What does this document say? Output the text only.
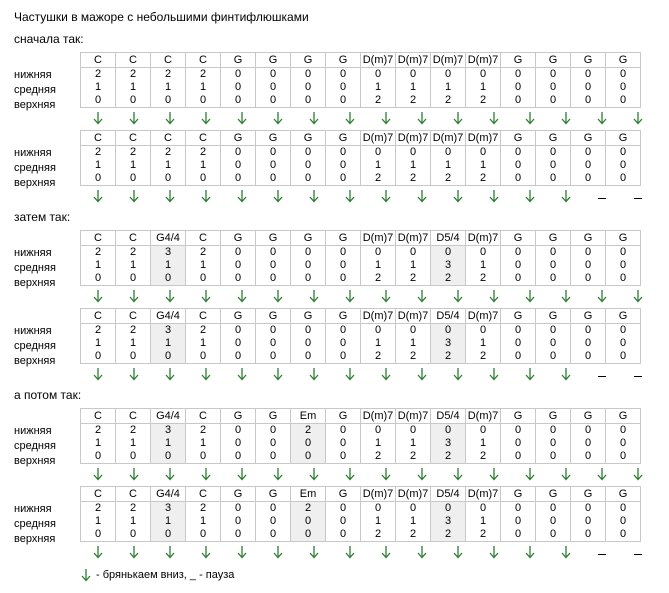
Частушки в мажоре с небольшими финтифлюшками
сначала так:
нижняя
средняя
верхняя
C	C	C	C	G	G	G	G	D(m)7	D(m)7	D(m)7	D(m)7	G	G	G	G
2	2	2	2	0	0	0	0	0	0	0	0	0	0	0	0
1	1	1	1	0	0	0	0	1	1	1	1	0	0	0	0
0	0	0	0	0	0	0	0	2	2	2	2	0	0	0	0
нижняя
средняя
верхняя
C	C	C	C	G	G	G	G	D(m)7	D(m)7	D(m)7	D(m)7	G	G	G	G
2	2	2	2	0	0	0	0	0	0	0	0	0	0	0	0
1	1	1	1	0	0	0	0	1	1	1	1	0	0	0	0
0	0	0	0	0	0	0	0	2	2	2	2	0	0	0	0
затем так:
нижняя
средняя
верхняя
C	C	G4/4	C	G	G	G	G	D(m)7	D(m)7	D5/4	D(m)7	G	G	G	G
2	2	3	2	0	0	0	0	0	0	0	0	0	0	0	0
1	1	1	1	0	0	0	0	1	1	3	1	0	0	0	0
0	0	0	0	0	0	0	0	2	2	2	2	0	0	0	0
нижняя
средняя
верхняя
C	C	G4/4	C	G	G	G	G	D(m)7	D(m)7	D5/4	D(m)7	G	G	G	G
2	2	3	2	0	0	0	0	0	0	0	0	0	0	0	0
1	1	1	1	0	0	0	0	1	1	3	1	0	0	0	0
0	0	0	0	0	0	0	0	2	2	2	2	0	0	0	0
а потом так:
нижняя
средняя
верхняя
C	C	G4/4	C	G	G	Em	G	D(m)7	D(m)7	D5/4	D(m)7	G	G	G	G
2	2	3	2	0	0	2	0	0	0	0	0	0	0	0	0
1	1	1	1	0	0	0	0	1	1	3	1	0	0	0	0
0	0	0	0	0	0	0	0	2	2	2	2	0	0	0	0
нижняя
средняя
верхняя
C	C	G4/4	C	G	G	Em	G	D(m)7	D(m)7	D5/4	D(m)7	G	G	G	G
2	2	3	2	0	0	2	0	0	0	0	0	0	0	0	0
1	1	1	1	0	0	0	0	1	1	3	1	0	0	0	0
0	0	0	0	0	0	0	0	2	2	2	2	0	0	0	0
- брянькаем вниз, _ - пауза
